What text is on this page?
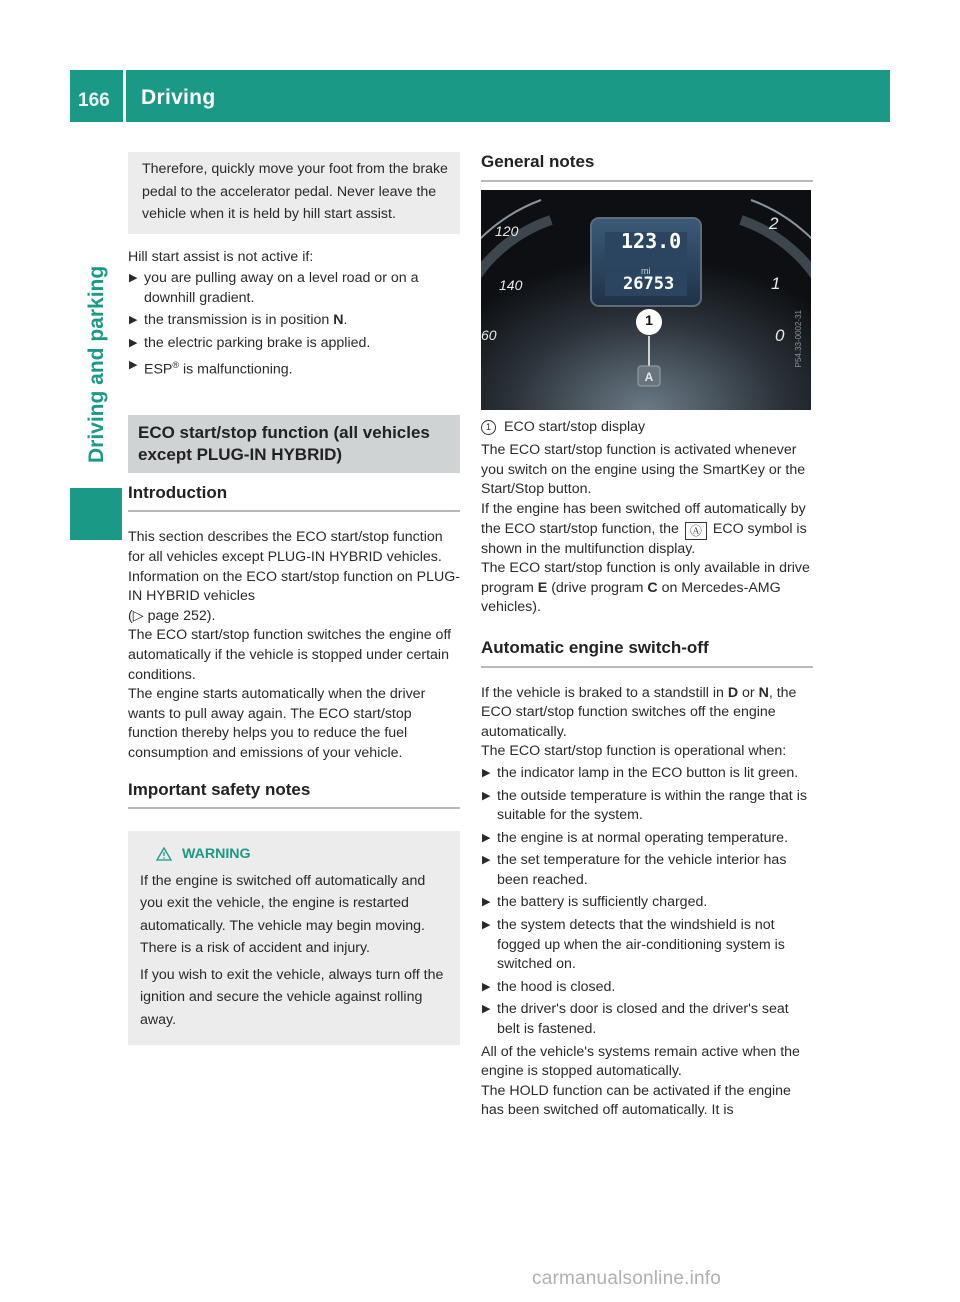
166	Driving
Driving and parking

Therefore, quickly move your foot from the brake pedal to the accelerator pedal. Never leave the vehicle when it is held by hill start assist.

Hill start assist is not active if:

▶ you are pulling away on a level road or on a downhill gradient.
▶ the transmission is in position N.
▶ the electric parking brake is applied.
▶ ESP® is malfunctioning.
ECO start/stop function (all vehicles except PLUG-IN HYBRID)
Introduction

This section describes the ECO start/stop function for all vehicles except PLUG-IN HYBRID vehicles. Information on the ECO start/stop function on PLUG-IN HYBRID vehicles
(▷ page 252).

The ECO start/stop function switches the engine off automatically if the vehicle is stopped under certain conditions.

The engine starts automatically when the driver wants to pull away again. The ECO start/stop function thereby helps you to reduce the fuel consumption and emissions of your vehicle.

Important safety notes
WARNING

If the engine is switched off automatically and you exit the vehicle, the engine is restarted automatically. The vehicle may begin moving. There is a risk of accident and injury.

If you wish to exit the vehicle, always turn off the ignition and secure the vehicle against rolling away.

General notes
123.0
mi
26753
120
140
60
2
1
0
1
A
P54.33-0002-31

1 ECO start/stop display

The ECO start/stop function is activated whenever you switch on the engine using the SmartKey or the Start/Stop button.

If the engine has been switched off automatically by the ECO start/stop function, the Ⓐ ECO symbol is shown in the multifunction display.

The ECO start/stop function is only available in drive program E (drive program C on Mercedes-AMG vehicles).

Automatic engine switch-off

If the vehicle is braked to a standstill in D or N, the ECO start/stop function switches off the engine automatically.

The ECO start/stop function is operational when:

▶ the indicator lamp in the ECO button is lit green.
▶ the outside temperature is within the range that is suitable for the system.
▶ the engine is at normal operating temperature.
▶ the set temperature for the vehicle interior has been reached.
▶ the battery is sufficiently charged.
▶ the system detects that the windshield is not fogged up when the air-conditioning system is switched on.
▶ the hood is closed.
▶ the driver's door is closed and the driver's seat belt is fastened.

All of the vehicle's systems remain active when the engine is stopped automatically.

The HOLD function can be activated if the engine has been switched off automatically. It is

carmanualsonline.info
